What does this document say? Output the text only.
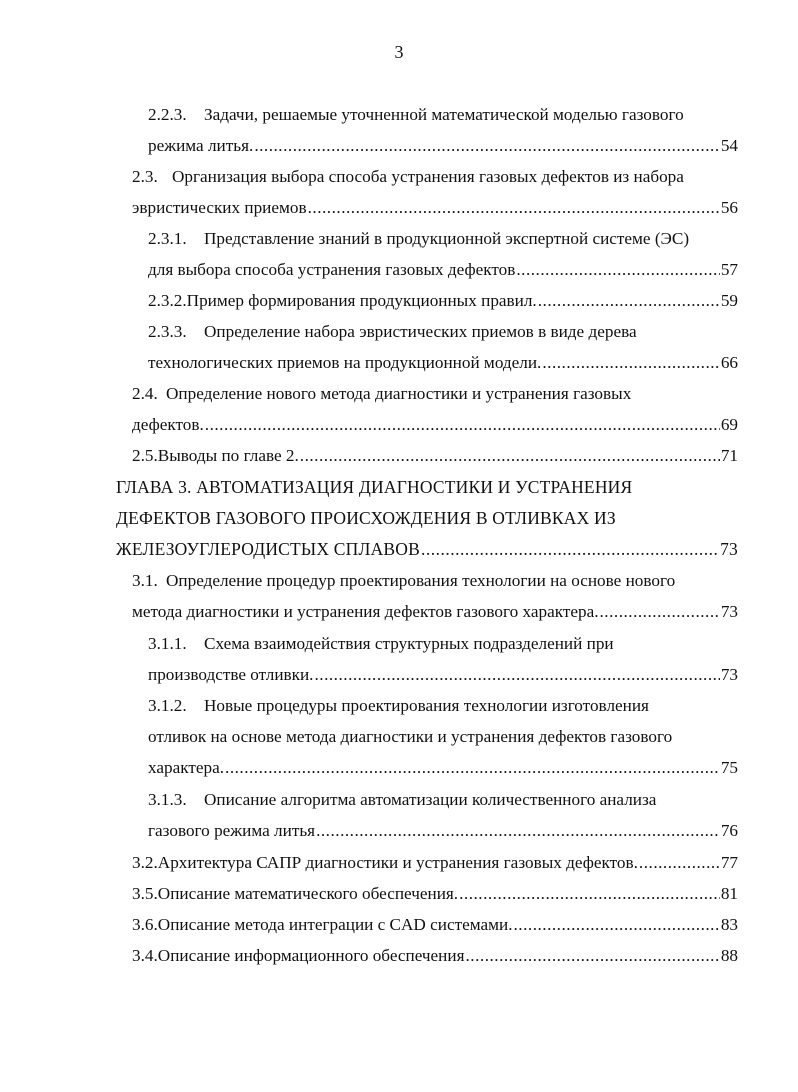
3
2.2.3. Задачи, решаемые уточненной математической моделью газового
режима литья. .....	54
2.3. Организация выбора способа устранения газовых дефектов из набора
эвристических приемов .....	56
2.3.1. Представление знаний в продукционной экспертной системе (ЭС)
для выбора способа устранения газовых дефектов .....	57
2.3.2. Пример формирования продукционных правил. .....	59
2.3.3. Определение набора эвристических приемов в виде дерева
технологических приемов на продукционной модели. .....	66
2.4. Определение нового метода диагностики и устранения газовых
дефектов. .....	69
2.5. Выводы по главе 2. .....	71
ГЛАВА 3. АВТОМАТИЗАЦИЯ ДИАГНОСТИКИ И УСТРАНЕНИЯ
ДЕФЕКТОВ ГАЗОВОГО ПРОИСХОЖДЕНИЯ В ОТЛИВКАХ ИЗ
ЖЕЛЕЗОУГЛЕРОДИСТЫХ СПЛАВОВ .....	73
3.1. Определение процедур проектирования технологии на основе нового
метода диагностики и устранения дефектов газового характера. .....	73
3.1.1. Схема взаимодействия структурных подразделений при
производстве отливки. .....	73
3.1.2. Новые процедуры проектирования технологии изготовления
отливок на основе метода диагностики и устранения дефектов газового
характера. .....	75
3.1.3. Описание алгоритма автоматизации количественного анализа
газового режима литья .....	76
3.2. Архитектура САПР диагностики и устранения газовых дефектов. .....	77
3.5. Описание математического обеспечения. .....	81
3.6. Описание метода интеграции с CAD системами. .....	83
3.4. Описание информационного обеспечения .....	88
